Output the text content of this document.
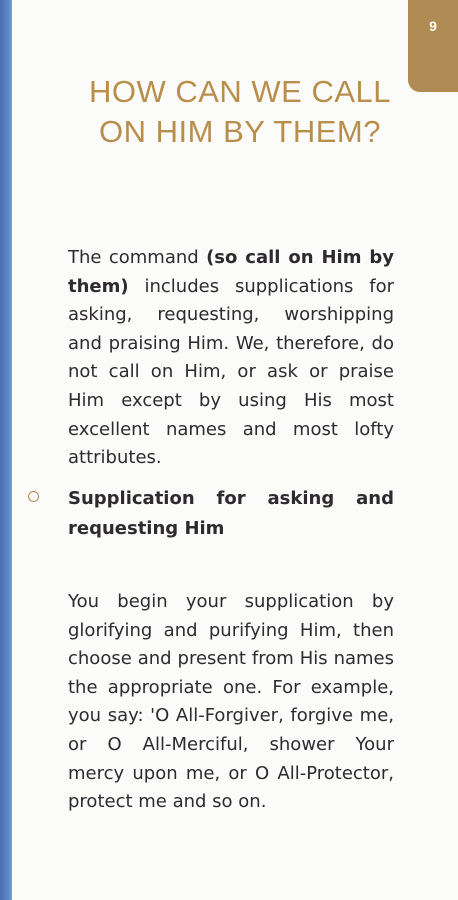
9
HOW CAN WE CALL
ON HIM BY THEM?

The command (so call on Him by them) includes supplications for asking, requesting, worshipping and praising Him. We, therefore, do not call on Him, or ask or praise Him except by using His most excellent names and most lofty attributes.

Supplication for asking and requesting Him

You begin your supplication by glorifying and purifying Him, then choose and present from His names the appropriate one. For example, you say: 'O All-Forgiver, forgive me, or O All-Merciful, shower Your mercy upon me, or O All-Protector, protect me and so on.
